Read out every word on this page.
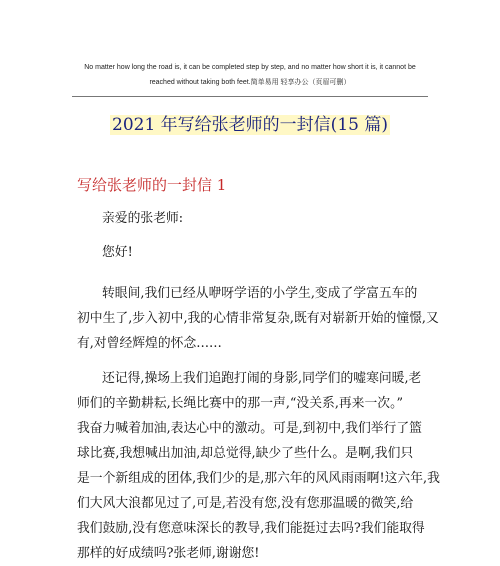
No matter how long the road is, it can be completed step by step, and no matter how short it is, it cannot be
reached without taking both feet.简单易用 轻享办公（页眉可删）
2021 年写给张老师的一封信(15 篇)
写给张老师的一封信 1
亲爱的张老师:
您好!
转眼间,我们已经从咿呀学语的小学生,变成了学富五车的
初中生了,步入初中,我的心情非常复杂,既有对崭新开始的憧憬,又
有,对曾经辉煌的怀念……
还记得,操场上我们追跑打闹的身影,同学们的嘘寒问暖,老
师们的辛勤耕耘,长绳比赛中的那一声,“没关系,再来一次。”
我奋力喊着加油,表达心中的激动。可是,到初中,我们举行了篮
球比赛,我想喊出加油,却总觉得,缺少了些什么。是啊,我们只
是一个新组成的团体,我们少的是,那六年的风风雨雨啊!这六年,我
们大风大浪都见过了,可是,若没有您,没有您那温暖的微笑,给
我们鼓励,没有您意味深长的教导,我们能挺过去吗?我们能取得
那样的好成绩吗?张老师,谢谢您!
